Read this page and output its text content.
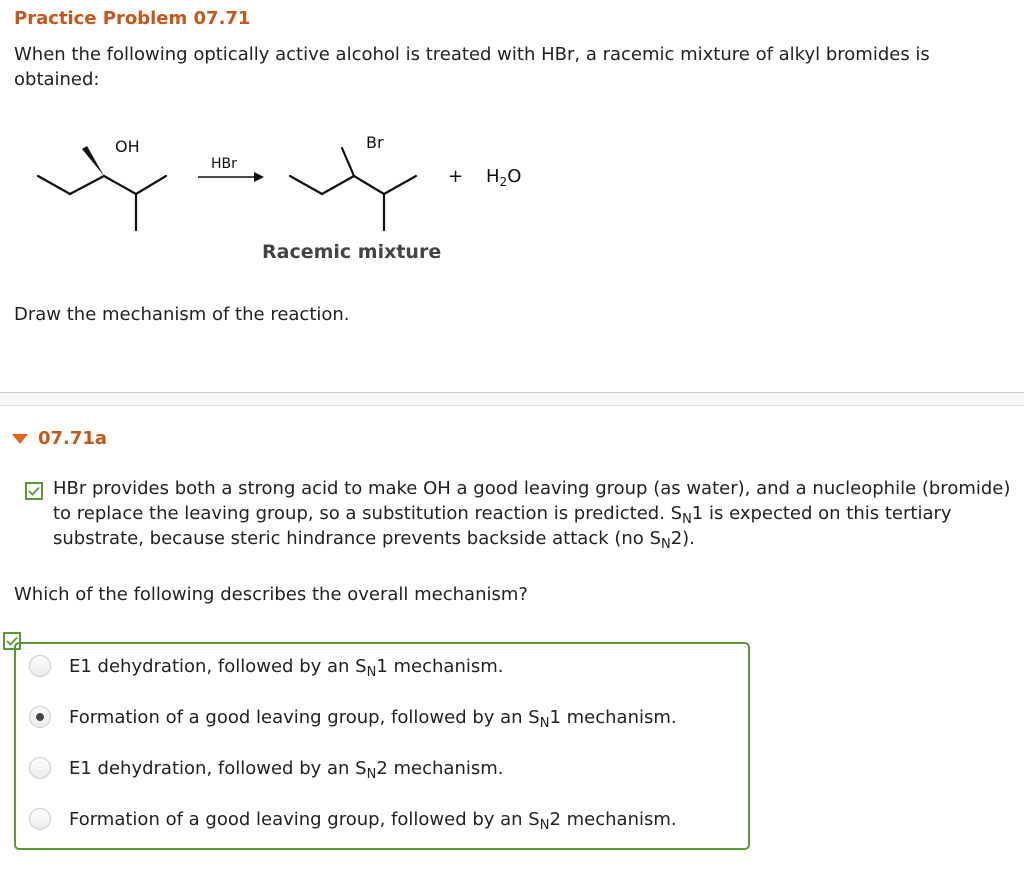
Practice Problem 07.71
When the following optically active alcohol is treated with HBr, a racemic mixture of alkyl bromides is obtained:
OH
HBr
Br
+ $H_2O$
Racemic mixture
Draw the mechanism of the reaction.
07.71a
HBr provides both a strong acid to make OH a good leaving group (as water), and a nucleophile (bromide) to replace the leaving group, so a substitution reaction is predicted. $S_N1$ is expected on this tertiary substrate, because steric hindrance prevents backside attack (no $S_N2$).
Which of the following describes the overall mechanism?
E1 dehydration, followed by an $S_N1$ mechanism.
Formation of a good leaving group, followed by an $S_N1$ mechanism.
E1 dehydration, followed by an $S_N2$ mechanism.
Formation of a good leaving group, followed by an $S_N2$ mechanism.
